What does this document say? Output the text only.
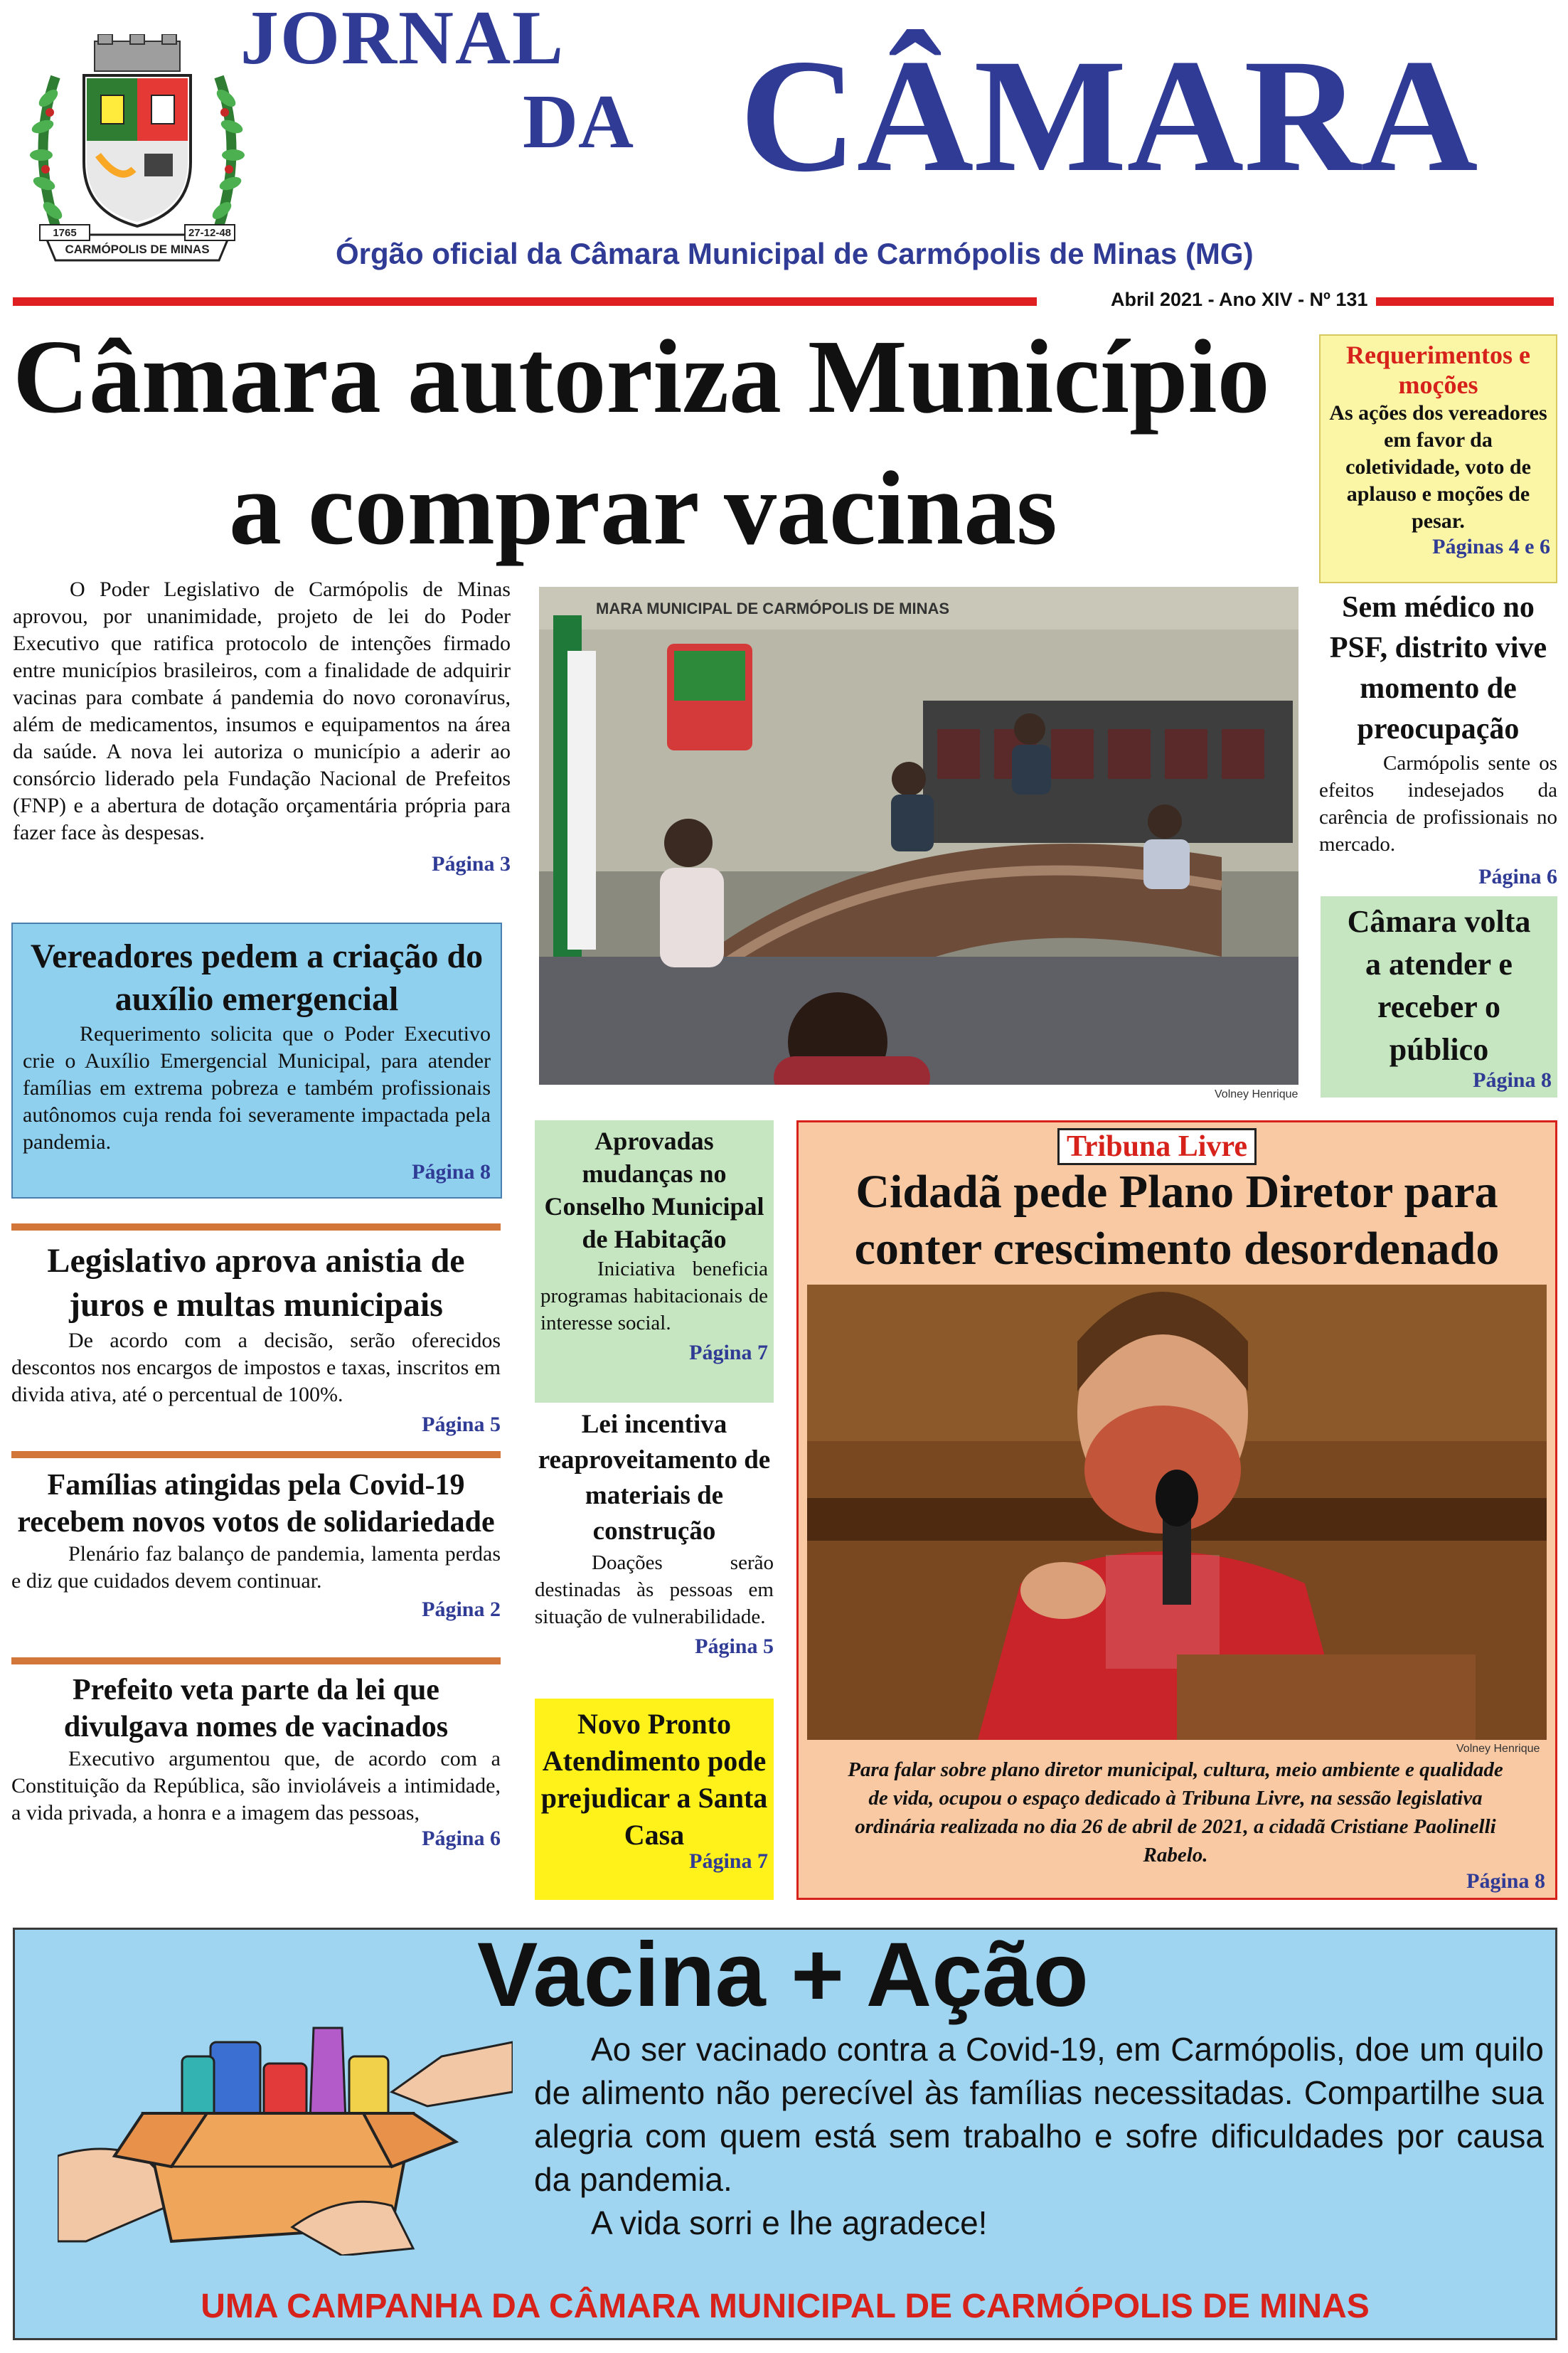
1765	27-12-48
CARMÓPOLIS DE MINAS
JORNAL
DA CÂMARA
Órgão oficial da Câmara Municipal de Carmópolis de Minas (MG)
Abril 2021 - Ano XIV - Nº 131
Câmara autoriza Município
a comprar vacinas

O Poder Legislativo de Carmópolis de Minas aprovou, por unanimidade, projeto de lei do Poder Executivo que ratifica protocolo de intenções firmado entre municípios brasileiros, com a finalidade de adquirir vacinas para combate á pandemia do novo coronavírus, além de medicamentos, insumos e equipamentos na área da saúde. A nova lei autoriza o município a aderir ao consórcio liderado pela Fundação Nacional de Prefeitos (FNP) e a abertura de dotação orçamentária própria para fazer face às despesas.

Página 3
MARA MUNICIPAL DE CARMÓPOLIS DE MINAS
Volney Henrique
Vereadores pedem a criação do auxílio emergencial

Requerimento solicita que o Poder Executivo crie o Auxílio Emergencial Municipal, para atender famílias em extrema pobreza e também profissionais autônomos cuja renda foi severamente impactada pela pandemia.

Página 8
Legislativo aprova anistia de juros e multas municipais

De acordo com a decisão, serão oferecidos descontos nos encargos de impostos e taxas, inscritos em divida ativa, até o percentual de 100%.

Página 5
Famílias atingidas pela Covid-19 recebem novos votos de solidariedade

Plenário faz balanço de pandemia, lamenta perdas e diz que cuidados devem continuar.

Página 2
Prefeito veta parte da lei que divulgava nomes de vacinados

Executivo argumentou que, de acordo com a Constituição da República, são invioláveis a intimidade, a vida privada, a honra e a imagem das pessoas,

Página 6
Requerimentos e moções
As ações dos vereadores em favor da coletividade, voto de aplauso e moções de pesar.
Páginas 4 e 6
Sem médico no PSF, distrito vive momento de preocupação

Carmópolis sente os efeitos indesejados da carência de profissionais no mercado.

Página 6
Câmara volta a atender e receber o público
Página 8
Aprovadas mudanças no Conselho Municipal de Habitação

Iniciativa beneficia programas habitacionais de interesse social.

Página 7
Lei incentiva reaproveitamento de materiais de construção

Doações serão destinadas às pessoas em situação de vulnerabilidade.

Página 5
Novo Pronto Atendimento pode prejudicar a Santa Casa
Página 7
Tribuna Livre
Cidadã pede Plano Diretor para conter crescimento desordenado
Volney Henrique
Para falar sobre plano diretor municipal, cultura, meio ambiente e qualidade de vida, ocupou o espaço dedicado à Tribuna Livre, na sessão legislativa ordinária realizada no dia 26 de abril de 2021, a cidadã Cristiane Paolinelli Rabelo.
Página 8
Vacina + Ação
Ao ser vacinado contra a Covid-19, em Carmópolis, doe um quilo de alimento não perecível às famílias necessitadas. Compartilhe sua alegria com quem está sem trabalho e sofre dificuldades por causa da pandemia.
A vida sorri e lhe agradece!
UMA CAMPANHA DA CÂMARA MUNICIPAL DE CARMÓPOLIS DE MINAS
